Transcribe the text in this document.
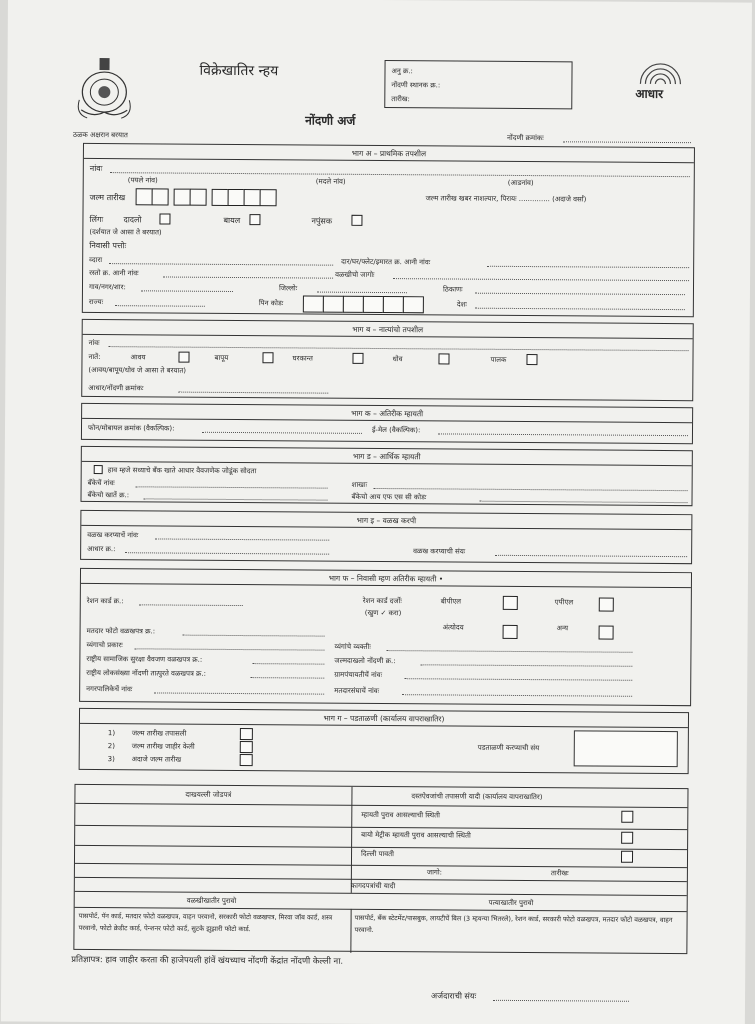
विक्रेखातिर न्हय	अनु क्र.:
नोंदणी स्थानक क्र.:
तारीख:	आधार
नोंदणी अर्ज
ठळक अक्षरान बरयात	नोंदणी क्रमांकः
भाग अ – प्राथमिक तपशील
नांवः
(पयले नांव)	(मदले नांव)	(आडनांव)
जल्म तारीख	जल्म तारीख खबर नाशल्यार, पिरायः .............. (अदाजे वर्सां)
लिंगः	दादलो	बायल	नपुंसक
(दर्शयात जे आसा ते बरयात)
निवासी पत्तोः
व्दारा	दार/घर/फ्लेट/इमारत क्र. आनी नांवः
रस्तो क्र. आनी नांवः	वळखीचो जागोः
गाव/नगर/शार:	जिल्लोः	ठिकाणः
राज्यः	पिन कोडः	देशः
भाग ब – नात्यांचो तपशील
नांवः
नातें:	आवय	बापूय	घरकान्त	धोव	पालक
(आवय/बापूय/धोव जे आसा ते बरयात)
आधार/नोंदणी क्रमांकः
भाग क – अतिरीक म्हायती
फोन/मोबायल क्रमांक (वैकल्पिक):	ई-मेल (वैकल्पिक):
भाग ड – आर्थिक म्हायती
हाव म्हजे सध्याचे बँक खाते आधार वैवजणेक जोडूंक सोदता
बँकेचें नांवः	शाखाः
बँकेचो खातें क्र.:	बँकेचो आय एफ एस सी कोडः
भाग इ – वळख करपी
वळख करप्याचें नांवः
आधार क्र.:	वळख करप्याची संयः
भाग फ – निवासी म्हण अतिरीक म्हायती •
रेशन कार्ड क्र.:	रेशन कार्ड दर्जोः
(खुण ✓ करा)
बीपीएल	एपीएल
अंत्योदय	अन्य
मतदार फोटो वळखपत्र क्र.:
व्यंगाचो प्रकारः	व्यंगांचे व्यक्तीः
राष्ट्रीय सामाजिक सुरक्षा वैवजण वळखपत्र क्र.:	जल्मदाखलो नोंदणी क्र.:
राष्ट्रीय लोकसंख्या नोंदणी तात्पुरते वळखपत्र क्र.:	ग्रामपंचायतीचें नांवः
नगरपालिकेचें नांवः	मतदारसंघाचें नांवः
भाग ग – पडताळणी (कार्यालय वापराखातिर)
1) जल्म तारीख तपासली
2) जल्म तारीख जाहीर केली
3) अदाजे जल्म तारीख
पडताळणी करप्याची संय
दाखयल्ली जोडपत्रं	दस्तऐवजांची तपासणी यादी (कार्यालय वापराखातिर)
म्हायती पुराव आसल्याची स्थिती
बायो मेट्रीक म्हायती पुराव आसल्याची स्थिती
दिल्ली पावती
जागो:	तारीखः
कागदपत्रांची यादी
वळखीखातीर पुरावो	पत्याखातीर पुरावो
पासपोर्ट, पॅन कार्ड, मतदार फोटो वळखपत्र, वाहन परवानो, सरकारी फोटो वळखपत्र, मिरवा जॉब कार्ड, शस्त्र परवानो, फोटो क्रेडीट कार्ड, पेन्शनर फोटो कार्ड, सुटके झुझारी फोटो कार्ड.
पासपोर्ट, बँक स्टेटमेंट/पासबुक, लायटीचें बिल (3 म्हयन्या भितरले), रेशन कार्ड, सरकारी फोटो वळखपत्र, मतदार फोटो वळखपत्र, वाहन परवानो.
प्रतिज्ञापत्र: हाव जाहीर करता की हाजेपयली हांवें खंयच्याच नोंदणी केंद्रांत नोंदणी केल्ली ना.
अर्जदाराची संयः
